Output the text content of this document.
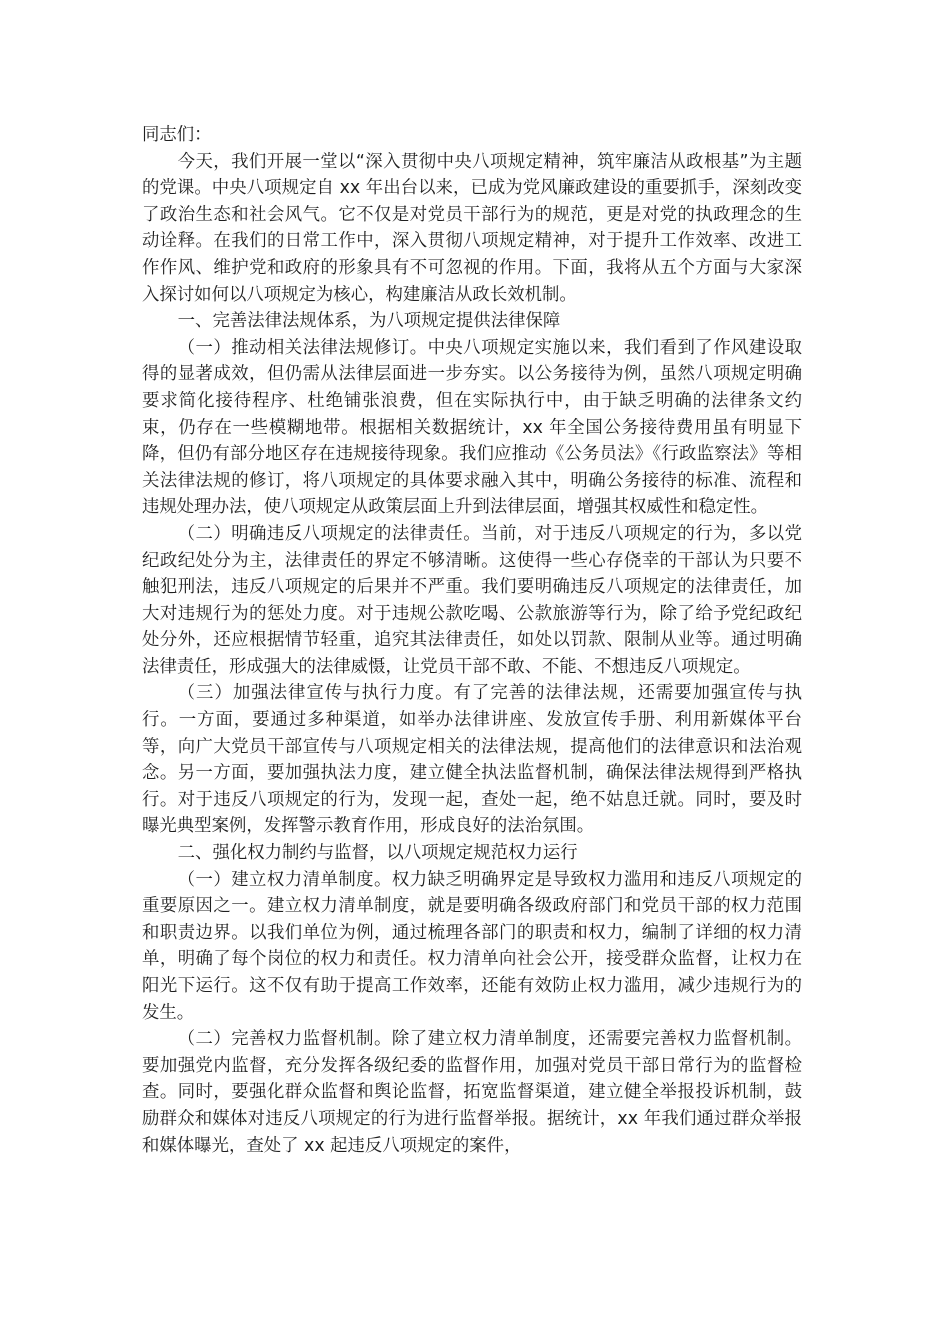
同志们：

今天，我们开展一堂以“深入贯彻中央八项规定精神，筑牢廉洁从政根基”为主题的党课。中央八项规定自 xx 年出台以来，已成为党风廉政建设的重要抓手，深刻改变了政治生态和社会风气。它不仅是对党员干部行为的规范，更是对党的执政理念的生动诠释。在我们的日常工作中，深入贯彻八项规定精神，对于提升工作效率、改进工作作风、维护党和政府的形象具有不可忽视的作用。下面，我将从五个方面与大家深入探讨如何以八项规定为核心，构建廉洁从政长效机制。

一、完善法律法规体系，为八项规定提供法律保障

（一）推动相关法律法规修订。中央八项规定实施以来，我们看到了作风建设取得的显著成效，但仍需从法律层面进一步夯实。以公务接待为例，虽然八项规定明确要求简化接待程序、杜绝铺张浪费，但在实际执行中，由于缺乏明确的法律条文约束，仍存在一些模糊地带。根据相关数据统计，xx 年全国公务接待费用虽有明显下降，但仍有部分地区存在违规接待现象。我们应推动《公务员法》《行政监察法》等相关法律法规的修订，将八项规定的具体要求融入其中，明确公务接待的标准、流程和违规处理办法，使八项规定从政策层面上升到法律层面，增强其权威性和稳定性。

（二）明确违反八项规定的法律责任。当前，对于违反八项规定的行为，多以党纪政纪处分为主，法律责任的界定不够清晰。这使得一些心存侥幸的干部认为只要不触犯刑法，违反八项规定的后果并不严重。我们要明确违反八项规定的法律责任，加大对违规行为的惩处力度。对于违规公款吃喝、公款旅游等行为，除了给予党纪政纪处分外，还应根据情节轻重，追究其法律责任，如处以罚款、限制从业等。通过明确法律责任，形成强大的法律威慑，让党员干部不敢、不能、不想违反八项规定。

（三）加强法律宣传与执行力度。有了完善的法律法规，还需要加强宣传与执行。一方面，要通过多种渠道，如举办法律讲座、发放宣传手册、利用新媒体平台等，向广大党员干部宣传与八项规定相关的法律法规，提高他们的法律意识和法治观念。另一方面，要加强执法力度，建立健全执法监督机制，确保法律法规得到严格执行。对于违反八项规定的行为，发现一起，查处一起，绝不姑息迁就。同时，要及时曝光典型案例，发挥警示教育作用，形成良好的法治氛围。

二、强化权力制约与监督，以八项规定规范权力运行

（一）建立权力清单制度。权力缺乏明确界定是导致权力滥用和违反八项规定的重要原因之一。建立权力清单制度，就是要明确各级政府部门和党员干部的权力范围和职责边界。以我们单位为例，通过梳理各部门的职责和权力，编制了详细的权力清单，明确了每个岗位的权力和责任。权力清单向社会公开，接受群众监督，让权力在阳光下运行。这不仅有助于提高工作效率，还能有效防止权力滥用，减少违规行为的发生。

（二）完善权力监督机制。除了建立权力清单制度，还需要完善权力监督机制。要加强党内监督，充分发挥各级纪委的监督作用，加强对党员干部日常行为的监督检查。同时，要强化群众监督和舆论监督，拓宽监督渠道，建立健全举报投诉机制，鼓励群众和媒体对违反八项规定的行为进行监督举报。据统计，xx 年我们通过群众举报和媒体曝光，查处了 xx 起违反八项规定的案件，
